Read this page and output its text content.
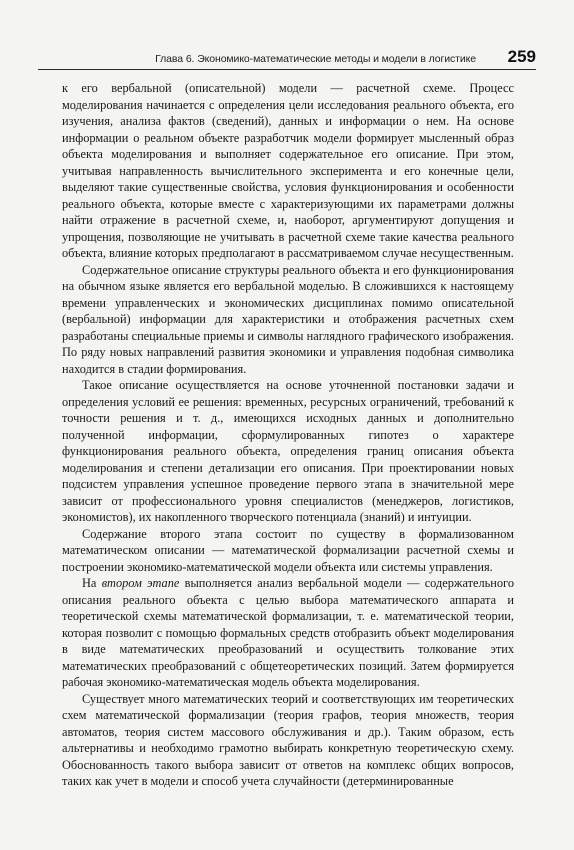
Глава 6. Экономико-математические методы и модели в логистике 259

к его вербальной (описательной) модели — расчетной схеме. Процесс моделирования начинается с определения цели исследования реального объекта, его изучения, анализа фактов (сведений), данных и информации о нем. На основе информации о реальном объекте разработчик модели формирует мысленный образ объекта моделирования и выполняет содержательное его описание. При этом, учитывая направленность вычислительного эксперимента и его конечные цели, выделяют такие существенные свойства, условия функционирования и особенности реального объекта, которые вместе с характеризующими их параметрами должны найти отражение в расчетной схеме, и, наоборот, аргументируют допущения и упрощения, позволяющие не учитывать в расчетной схеме такие качества реального объекта, влияние которых предполагают в рассматриваемом случае несущественным.

Содержательное описание структуры реального объекта и его функционирования на обычном языке является его вербальной моделью. В сложившихся к настоящему времени управленческих и экономических дисциплинах помимо описательной (вербальной) информации для характеристики и отображения расчетных схем разработаны специальные приемы и символы наглядного графического изображения. По ряду новых направлений развития экономики и управления подобная символика находится в стадии формирования.

Такое описание осуществляется на основе уточненной постановки задачи и определения условий ее решения: временных, ресурсных ограничений, требований к точности решения и т. д., имеющихся исходных данных и дополнительно полученной информации, сформулированных гипотез о характере функционирования реального объекта, определения границ описания объекта моделирования и степени детализации его описания. При проектировании новых подсистем управления успешное проведение первого этапа в значительной мере зависит от профессионального уровня специалистов (менеджеров, логистиков, экономистов), их накопленного творческого потенциала (знаний) и интуиции.

Содержание второго этапа состоит по существу в формализованном математическом описании — математической формализации расчетной схемы и построении экономико-математической модели объекта или системы управления.

На втором этапе выполняется анализ вербальной модели — содержательного описания реального объекта с целью выбора математического аппарата и теоретической схемы математической формализации, т. е. математической теории, которая позволит с помощью формальных средств отобразить объект моделирования в виде математических преобразований и осуществить толкование этих математических преобразований с общетеоретических позиций. Затем формируется рабочая экономико-математическая модель объекта моделирования.

Существует много математических теорий и соответствующих им теоретических схем математической формализации (теория графов, теория множеств, теория автоматов, теория систем массового обслуживания и др.). Таким образом, есть альтернативы и необходимо грамотно выбирать конкретную теоретическую схему. Обоснованность такого выбора зависит от ответов на комплекс общих вопросов, таких как учет в модели и способ учета случайности (детерминированные
